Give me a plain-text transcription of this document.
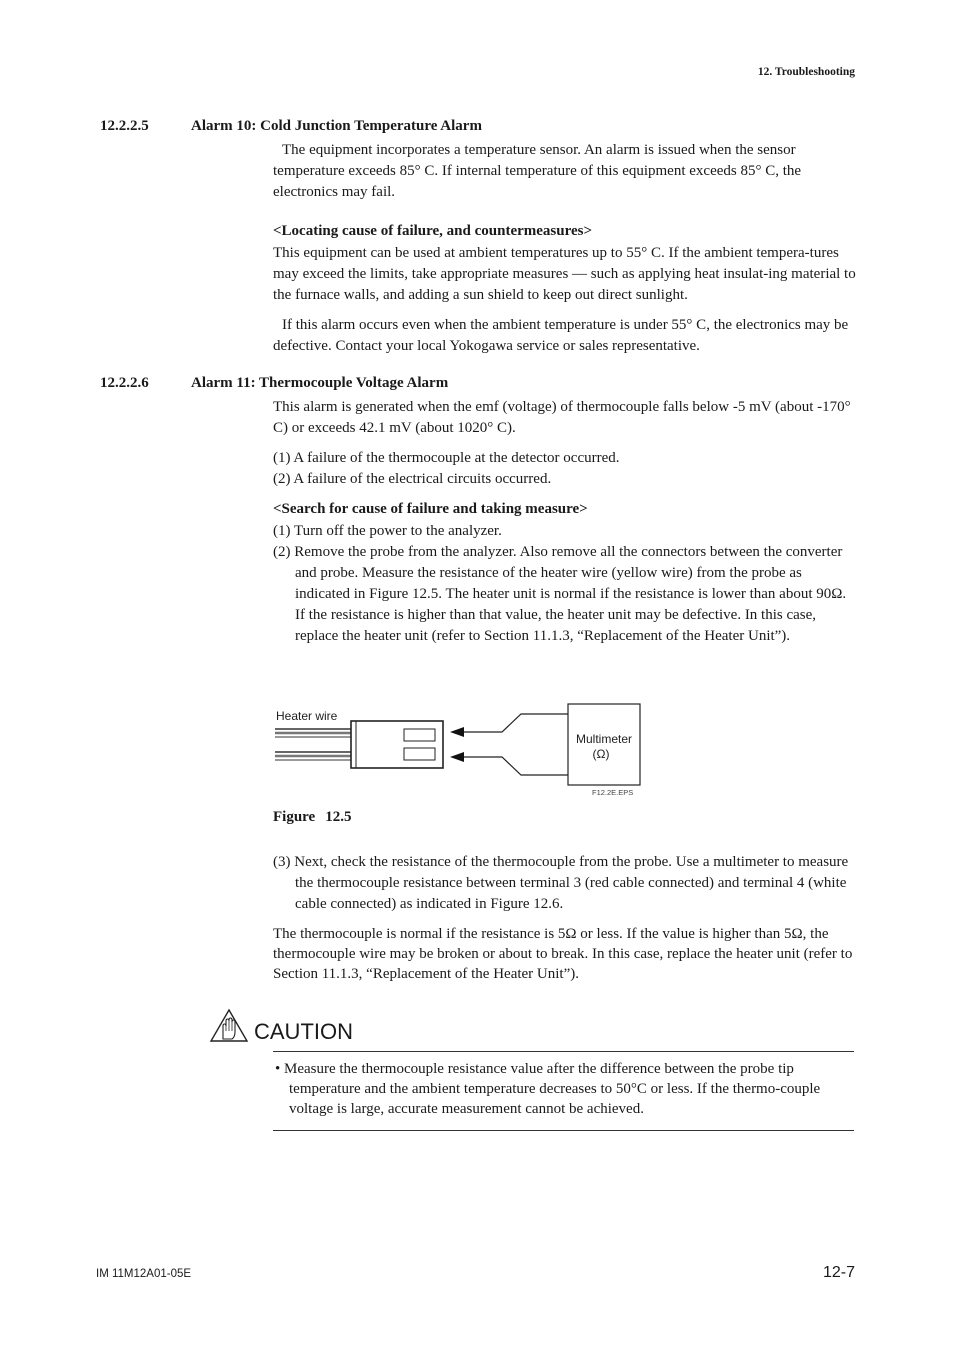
12. Troubleshooting
12.2.2.5	Alarm 10: Cold Junction Temperature Alarm

The equipment incorporates a temperature sensor. An alarm is issued when the sensor temperature exceeds 85° C. If internal temperature of this equipment exceeds 85° C, the electronics may fail.

<Locating cause of failure, and countermeasures>

This equipment can be used at ambient temperatures up to 55° C. If the ambient tempera-tures may exceed the limits, take appropriate measures — such as applying heat insulat-ing material to the furnace walls, and adding a sun shield to keep out direct sunlight.

If this alarm occurs even when the ambient temperature is under 55° C, the electronics may be defective. Contact your local Yokogawa service or sales representative.

12.2.2.6	Alarm 11: Thermocouple Voltage Alarm

This alarm is generated when the emf (voltage) of thermocouple falls below -5 mV (about -170° C) or exceeds 42.1 mV (about 1020° C).

(1) A failure of the thermocouple at the detector occurred.

(2) A failure of the electrical circuits occurred.

<Search for cause of failure and taking measure>

(1) Turn off the power to the analyzer.

(2) Remove the probe from the analyzer. Also remove all the connectors between the converter and probe. Measure the resistance of the heater wire (yellow wire) from the probe as indicated in Figure 12.5. The heater unit is normal if the resistance is lower than about 90Ω. If the resistance is higher than that value, the heater unit may be defective. In this case, replace the heater unit (refer to Section 11.1.3, “Replacement of the Heater Unit”).

Heater wire
Multimeter
(Ω)
F12.2E.EPS
Figure 12.5

(3) Next, check the resistance of the thermocouple from the probe. Use a multimeter to measure the thermocouple resistance between terminal 3 (red cable connected) and terminal 4 (white cable connected) as indicated in Figure 12.6.

The thermocouple is normal if the resistance is 5Ω or less. If the value is higher than 5Ω, the thermocouple wire may be broken or about to break. In this case, replace the heater unit (refer to Section 11.1.3, “Replacement of the Heater Unit”).

CAUTION

• Measure the thermocouple resistance value after the difference between the probe tip temperature and the ambient temperature decreases to 50°C or less. If the thermo-couple voltage is large, accurate measurement cannot be achieved.

IM 11M12A01-05E	12-7
